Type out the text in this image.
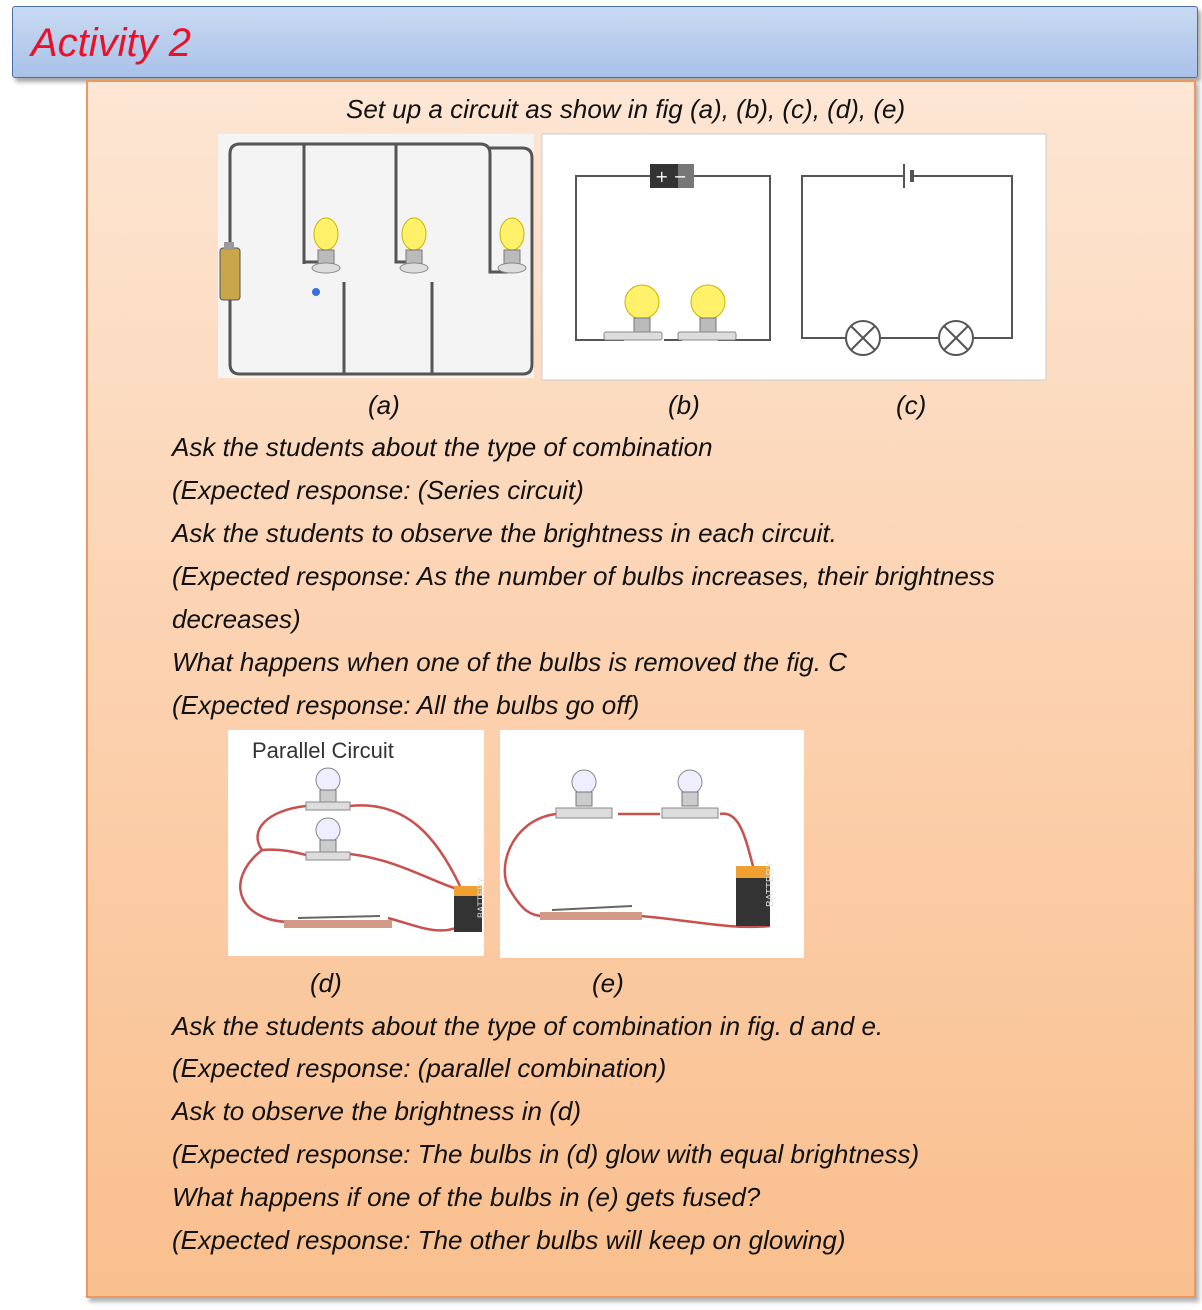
Activity 2
Set up a circuit as show in fig (a), (b), (c), (d), (e)
+ −
(a)	(b)	(c)
Ask the students about the type of combination
(Expected response: (Series circuit)
Ask the students to observe the brightness in each circuit.
(Expected response: As the number of bulbs increases, their brightness
decreases)
What happens when one of the bulbs is removed the fig. C
(Expected response: All the bulbs go off)
Parallel Circuit
BATTERY	BATTERY
(d)	(e)
Ask the students about the type of combination in fig. d and e.
(Expected response: (parallel combination)
Ask to observe the brightness in (d)
(Expected response: The bulbs in (d) glow with equal brightness)
What happens if one of the bulbs in (e) gets fused?
(Expected response: The other bulbs will keep on glowing)
